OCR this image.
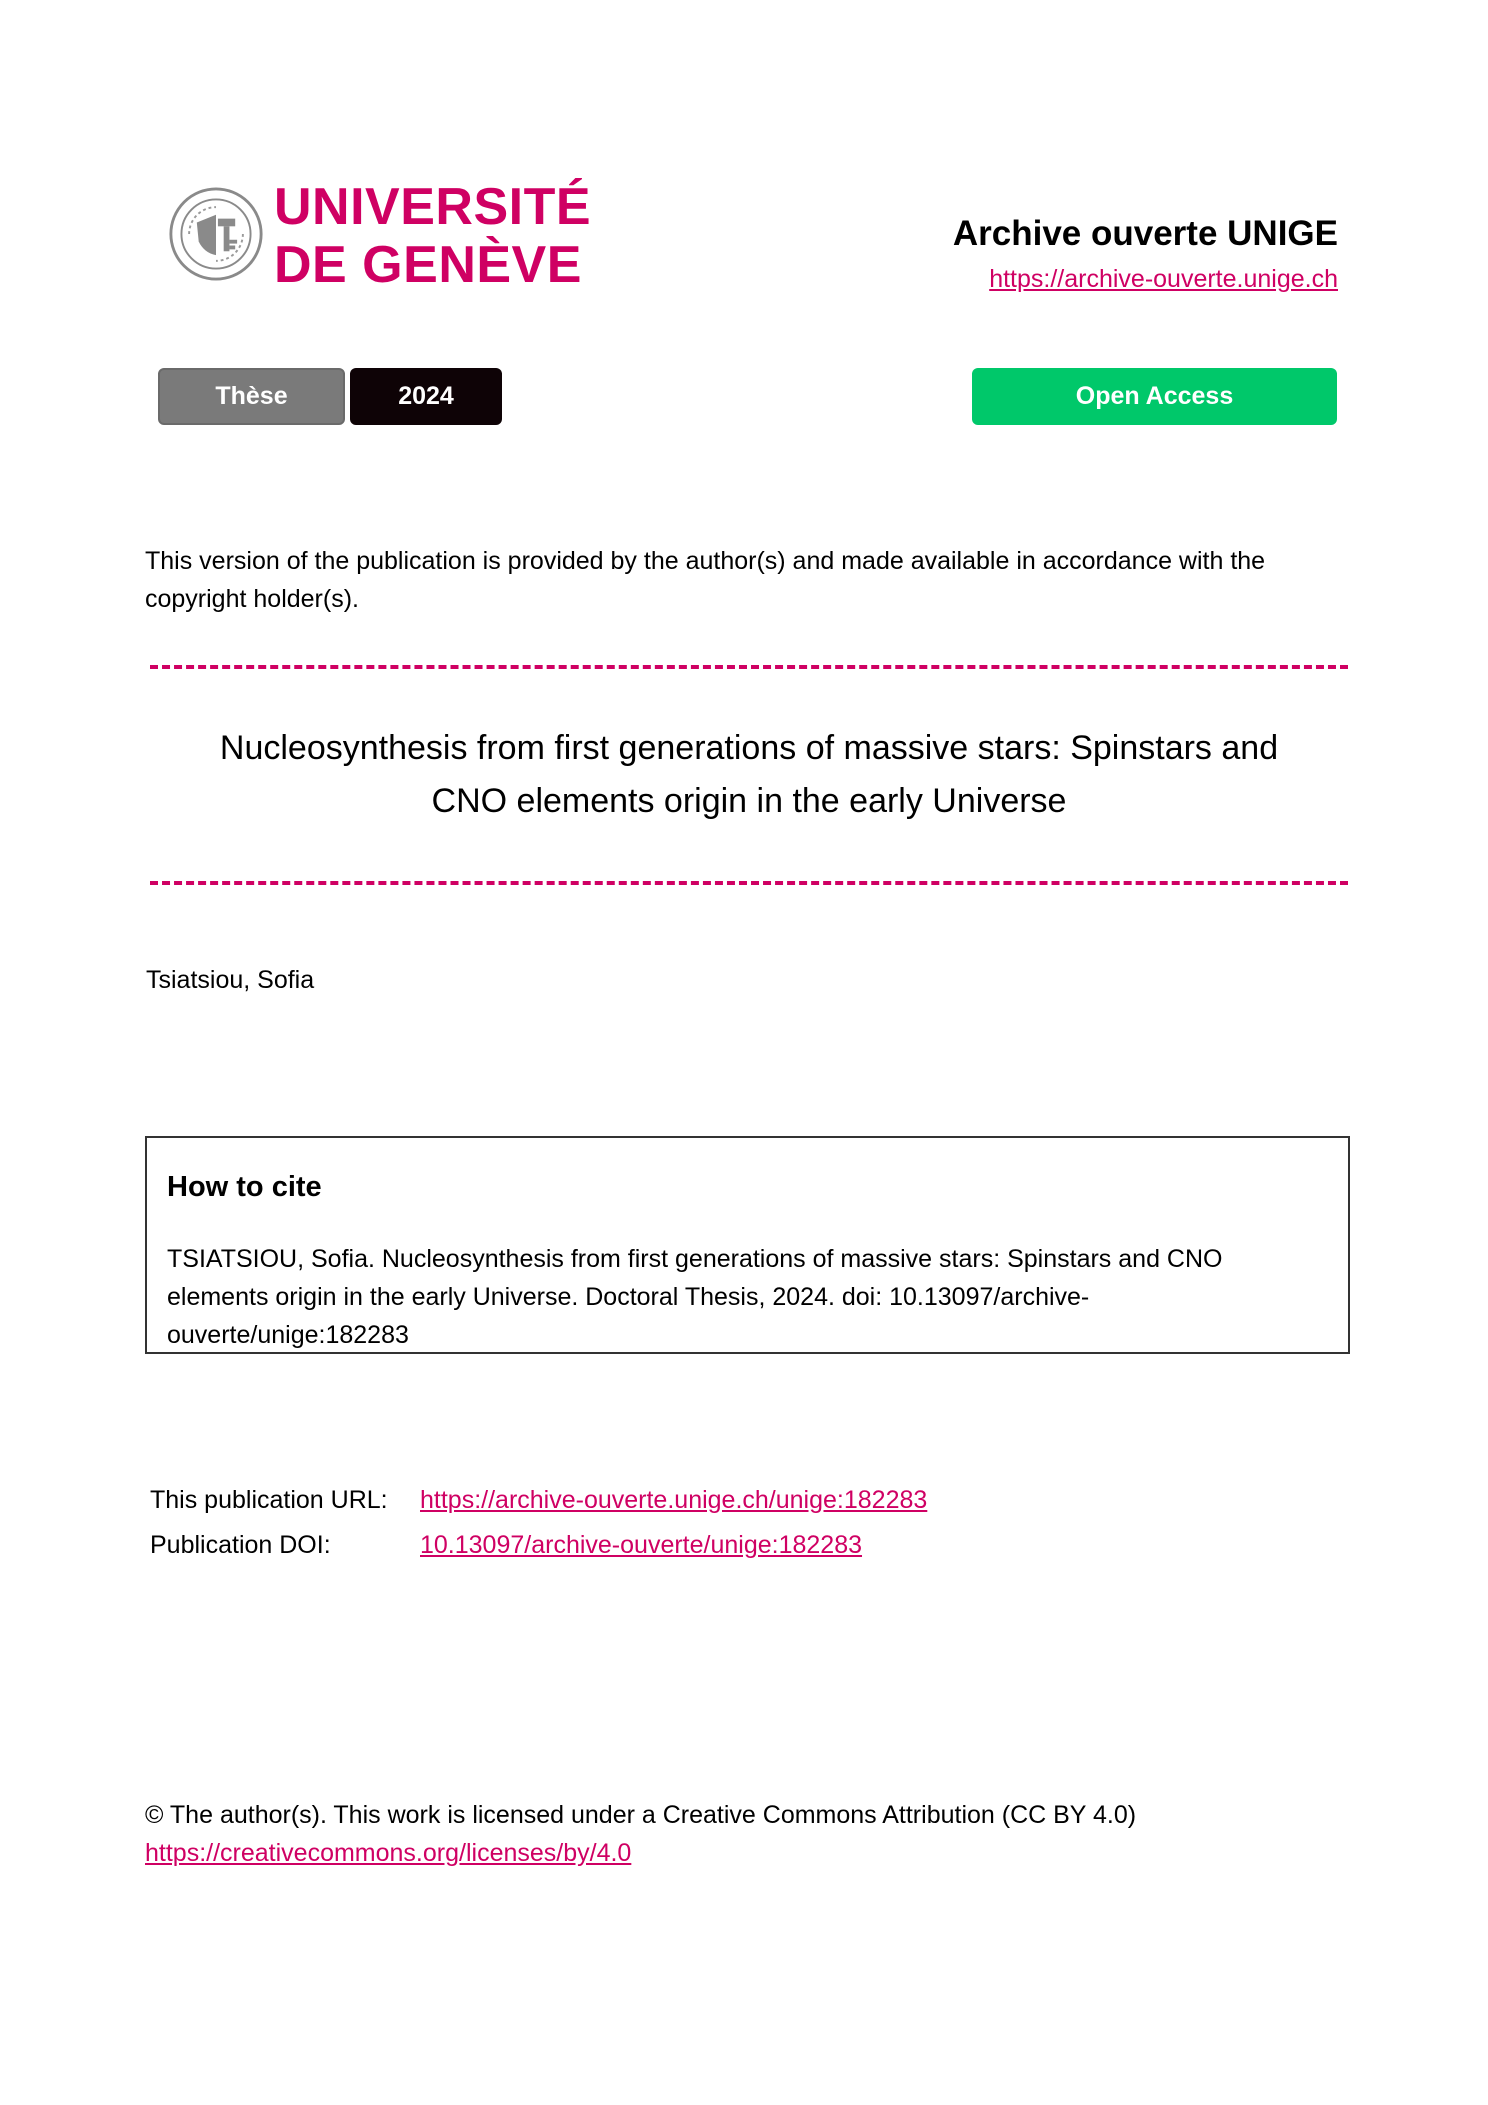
UNIVERSITÉ
DE GENÈVE
Archive ouverte UNIGE
https://archive-ouverte.unige.ch
Thèse	2024	Open Access
This version of the publication is provided by the author(s) and made available in accordance with the copyright holder(s).
Nucleosynthesis from first generations of massive stars: Spinstars and
CNO elements origin in the early Universe
Tsiatsiou, Sofia
How to cite
TSIATSIOU, Sofia. Nucleosynthesis from first generations of massive stars: Spinstars and CNO elements origin in the early Universe. Doctoral Thesis, 2024. doi: 10.13097/archive-ouverte/unige:182283
This publication URL: https://archive-ouverte.unige.ch/unige:182283
Publication DOI:	10.13097/archive-ouverte/unige:182283
© The author(s). This work is licensed under a Creative Commons Attribution (CC BY 4.0)
https://creativecommons.org/licenses/by/4.0
